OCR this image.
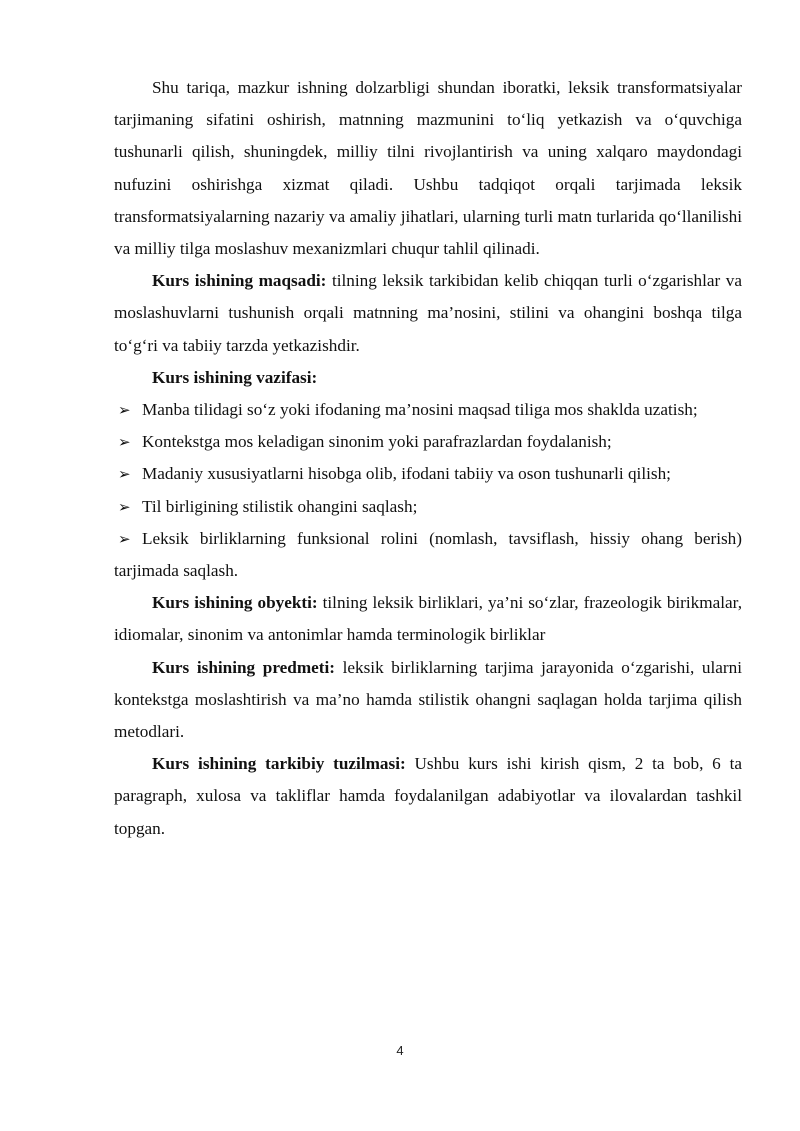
Shu tariqa, mazkur ishning dolzarbligi shundan iboratki, leksik transformatsiyalar tarjimaning sifatini oshirish, matnning mazmunini to‘liq yetkazish va o‘quvchiga tushunarli qilish, shuningdek, milliy tilni rivojlantirish va uning xalqaro maydondagi nufuzini oshirishga xizmat qiladi. Ushbu tadqiqot orqali tarjimada leksik transformatsiyalarning nazariy va amaliy jihatlari, ularning turli matn turlarida qo‘llanilishi va milliy tilga moslashuv mexanizmlari chuqur tahlil qilinadi.

Kurs ishining maqsadi: tilning leksik tarkibidan kelib chiqqan turli o‘zgarishlar va moslashuvlarni tushunish orqali matnning ma’nosini, stilini va ohangini boshqa tilga to‘g‘ri va tabiiy tarzda yetkazishdir.

Kurs ishining vazifasi:

➢ Manba tilidagi so‘z yoki ifodaning ma’nosini maqsad tiliga mos shaklda uzatish;
➢ Kontekstga mos keladigan sinonim yoki parafrazlardan foydalanish;
➢ Madaniy xususiyatlarni hisobga olib, ifodani tabiiy va oson tushunarli qilish;
➢ Til birligining stilistik ohangini saqlash;
➢ Leksik birliklarning funksional rolini (nomlash, tavsiflash, hissiy ohang berish) tarjimada saqlash.

Kurs ishining obyekti: tilning leksik birliklari, ya’ni so‘zlar, frazeologik birikmalar, idiomalar, sinonim va antonimlar hamda terminologik birliklar

Kurs ishining predmeti: leksik birliklarning tarjima jarayonida o‘zgarishi, ularni kontekstga moslashtirish va ma’no hamda stilistik ohangni saqlagan holda tarjima qilish metodlari.

Kurs ishining tarkibiy tuzilmasi: Ushbu kurs ishi kirish qism, 2 ta bob, 6 ta paragraph, xulosa va takliflar hamda foydalanilgan adabiyotlar va ilovalardan tashkil topgan.

4
